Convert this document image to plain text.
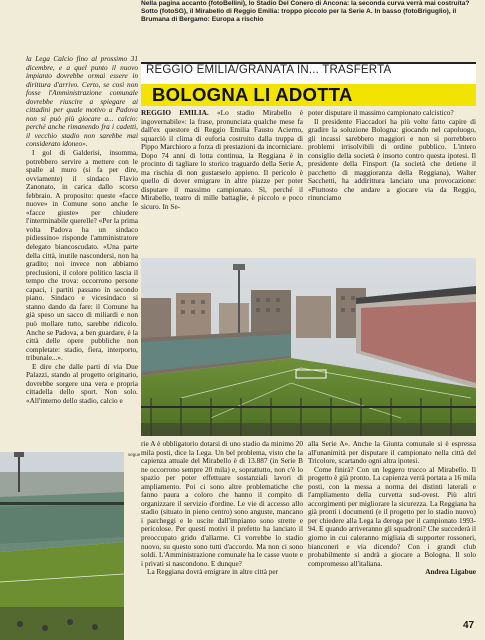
Nella pagina accanto (fotoBellini), lo Stadio Del Conero di Ancona: la seconda curva verrà mai costruita? Sotto (fotoSG), il Mirabello di Reggio Emilia: troppo piccolo per la Serie A. In basso (fotoBriguglio), il Brumana di Bergamo: Europa a rischio

la Lega Calcio fino al prossimo 31 dicembre, e a quel punto il nuovo impianto dovrebbe ormai essere in dirittura d'arrivo. Certo, se così non fosse l'Amministrazione comunale dovrebbe riuscire a spiegare ai cittadini per quale motivo a Padova non si può più giocare a... calcio: perché anche rimanendo fra i cadetti, il vecchio stadio non sarebbe mai considerato idoneo».

I gol di Galderisi, insomma, potrebbero servire a mettere con le spalle al muro (si fa per dire, ovviamente) il sindaco Flavio Zanonato, in carica dallo scorso febbraio. A proposito: queste «facce nuove» in Comune sono anche le «facce giuste» per chiudere l'interminabile querelle? «Per la prima volta Padova ha un sindaco pidiessino» risponde l'amministratore delegato biancoscudato. «Una parte della città, inutile nascondersi, non ha gradito; noi invece non abbiamo preclusioni, il colore politico lascia il tempo che trova: occorrono persone capaci, i partiti passano in secondo piano. Sindaco e vicesindaco si stanno dando da fare: il Comune ha già speso un sacco di miliardi e non può mollare tutto, sarebbe ridicolo. Anche se Padova, a ben guardare, è la città delle opere pubbliche non completate: stadio, fiera, interporto, tribunale...».

E dire che dalle parti di via Due Palazzi, stando al progetto originario, dovrebbe sorgere una vera e propria cittadella dello sport. Non solo. «All'interno dello stadio, calcio e

REGGIO EMILIA/GRANATA IN... TRASFERTA
BOLOGNA LI ADOTTA

REGGIO EMILIA. «Lo stadio Mirabello è ingovernabile»: la frase, pronunciata qualche mese fa dall'ex questore di Reggio Emilia Fausto Acierno, squarciò il clima di euforia costruito dalla truppa di Pippo Marchioro a forza di prestazioni da incorniciare. Dopo 74 anni di lotta continua, la Reggiana è in procinto di tagliare lo storico traguardo della Serie A, ma rischia di non gustarselo appieno. Il pericolo è quello di dover emigrare in altre piazze per poter disputare il massimo campionato. Sì, perché il Mirabello, teatro di mille battaglie, è piccolo e poco sicuro. In Se-

poter disputare il massimo campionato calcistico?

Il presidente Fiaccadori ha più volte fatto capire di gradire la soluzione Bologna: giocando nel capoluogo, gli incassi sarebbero maggiori e non si porrebbero problemi irrisolvibili di ordine pubblico. L'intero consiglio della società è insorto contro questa ipotesi. Il presidente della Finsport (la società che detiene il pacchetto di maggioranza della Reggiana), Walter Sacchetti, ha addirittura lanciato una provocazione: «Piuttosto che andare a giocare via da Reggio, rinunciamo

segue

rie A è obbligatorio dotarsi di uno stadio da minimo 20 mila posti, dice la Lega. Un bel problema, visto che la capienza attuale del Mirabello è di 13.887 (in Serie B ne occorrono sempre 20 mila) e, soprattutto, non c'è lo spazio per poter effettuare sostanziali lavori di ampliamento. Poi ci sono altre problematiche che fanno paura a coloro che hanno il compito di organizzare il servizio d'ordine. Le vie di accesso allo stadio (situato in pieno centro) sono anguste, mancano i parcheggi e le uscite dall'impianto sono strette e pericolose. Per questi motivi il prefetto ha lanciato il preoccupato grido d'allarme. Ci vorrebbe lo stadio nuovo, su questo sono tutti d'accordo. Ma non ci sono soldi. L'Amministrazione comunale ha le casse vuote e i privati si nascondono. E dunque?

La Reggiana dovrà emigrare in altre città per

alla Serie A». Anche la Giunta comunale si è espressa all'unanimità per disputare il campionato nella città del Tricolore, scartando ogni altra ipotesi.

Come finirà? Con un leggero trucco al Mirabello. Il progetto è già pronto. La capienza verrà portata a 16 mila posti, con la messa a norma dei distinti laterali e l'ampliamento della curvetta sud-ovest. Più altri accorgimenti per migliorare la sicurezza. La Reggiana ha già pronti i documenti (e il progetto per lo stadio nuovo) per chiedere alla Lega la deroga per il campionato 1993-94. E quando arriveranno gli squadroni? Che succederà il giorno in cui caleranno migliaia di supporter rossoneri, bianconeri e via dicendo? Con i grandi club probabilmente si andrà a giocare a Bologna. Il solo compromesso all'italiana.

Andrea Ligabue

47
